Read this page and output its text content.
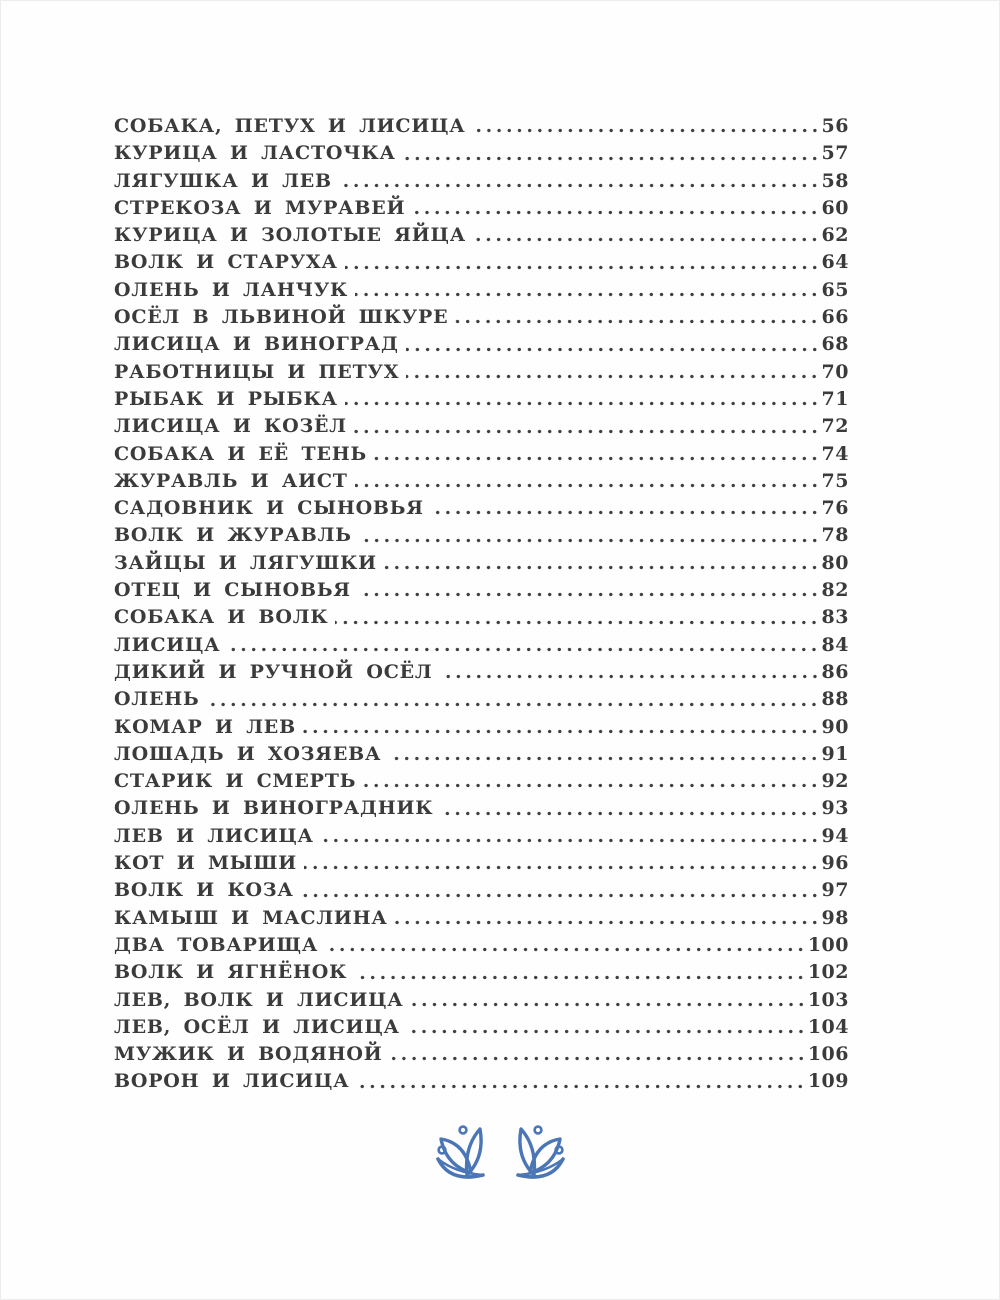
СОБАКА, ПЕТУХ И ЛИСИЦА	56
КУРИЦА И ЛАСТОЧКА	57
ЛЯГУШКА И ЛЕВ	58
СТРЕКОЗА И МУРАВЕЙ	60
КУРИЦА И ЗОЛОТЫЕ ЯЙЦА	62
ВОЛК И СТАРУХА	64
ОЛЕНЬ И ЛАНЧУК	65
ОСЁЛ В ЛЬВИНОЙ ШКУРЕ	66
ЛИСИЦА И ВИНОГРАД	68
РАБОТНИЦЫ И ПЕТУХ	70
РЫБАК И РЫБКА	71
ЛИСИЦА И КОЗЁЛ	72
СОБАКА И ЕЁ ТЕНЬ	74
ЖУРАВЛЬ И АИСТ	75
САДОВНИК И СЫНОВЬЯ	76
ВОЛК И ЖУРАВЛЬ	78
ЗАЙЦЫ И ЛЯГУШКИ	80
ОТЕЦ И СЫНОВЬЯ	82
СОБАКА И ВОЛК	83
ЛИСИЦА	84
ДИКИЙ И РУЧНОЙ ОСЁЛ	86
ОЛЕНЬ	88
КОМАР И ЛЕВ	90
ЛОШАДЬ И ХОЗЯЕВА	91
СТАРИК И СМЕРТЬ	92
ОЛЕНЬ И ВИНОГРАДНИК	93
ЛЕВ И ЛИСИЦА	94
КОТ И МЫШИ	96
ВОЛК И КОЗА	97
КАМЫШ И МАСЛИНА	98
ДВА ТОВАРИЩА	100
ВОЛК И ЯГНЁНОК	102
ЛЕВ, ВОЛК И ЛИСИЦА	103
ЛЕВ, ОСЁЛ И ЛИСИЦА	104
МУЖИК И ВОДЯНОЙ	106
ВОРОН И ЛИСИЦА	109
